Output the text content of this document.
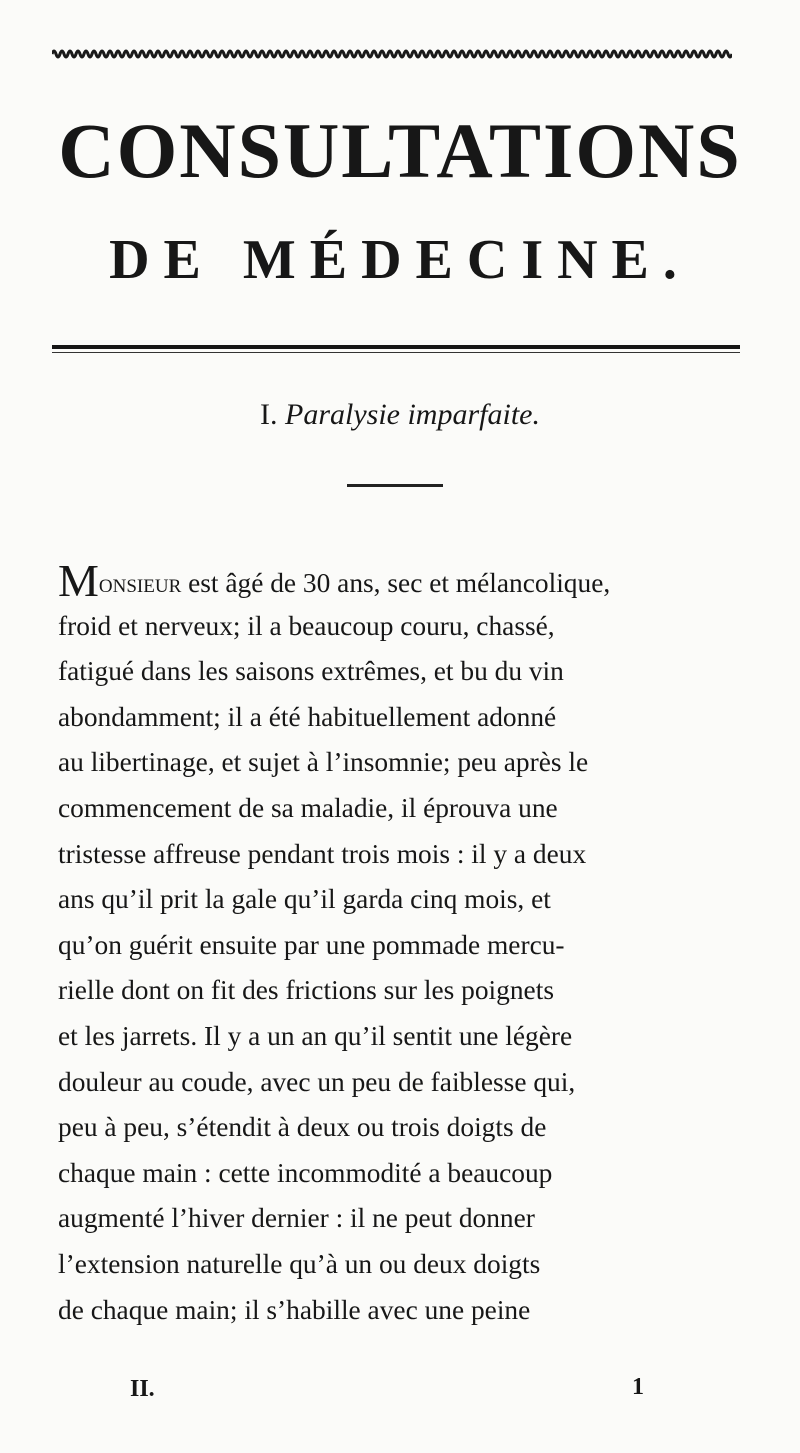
CONSULTATIONS
DE MÉDECINE.
I. Paralysie imparfaite.
Monsieur est âgé de 30 ans, sec et mélancolique,
froid et nerveux; il a beaucoup couru, chassé,
fatigué dans les saisons extrêmes, et bu du vin
abondamment; il a été habituellement adonné
au libertinage, et sujet à l’insomnie; peu après le
commencement de sa maladie, il éprouva une
tristesse affreuse pendant trois mois : il y a deux
ans qu’il prit la gale qu’il garda cinq mois, et
qu’on guérit ensuite par une pommade mercu-
rielle dont on fit des frictions sur les poignets
et les jarrets. Il y a un an qu’il sentit une légère
douleur au coude, avec un peu de faiblesse qui,
peu à peu, s’étendit à deux ou trois doigts de
chaque main : cette incommodité a beaucoup
augmenté l’hiver dernier : il ne peut donner
l’extension naturelle qu’à un ou deux doigts
de chaque main; il s’habille avec une peine
II.	1
